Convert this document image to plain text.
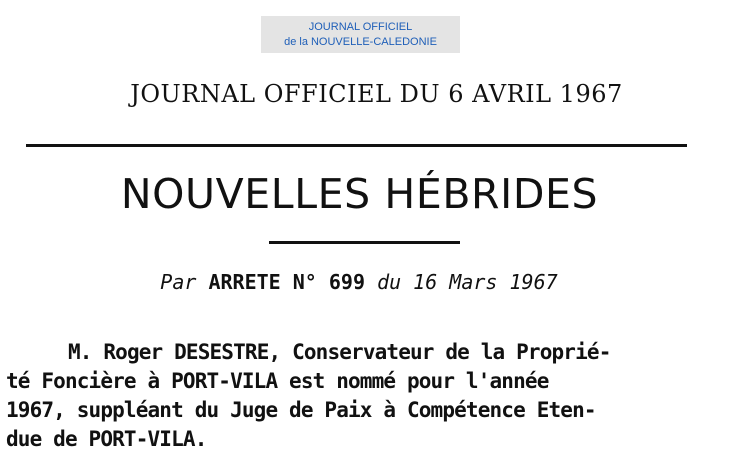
JOURNAL OFFICIEL
de la NOUVELLE-CALEDONIE
JOURNAL OFFICIEL DU 6 AVRIL 1967
NOUVELLES HÉBRIDES
Par ARRETE N° 699 du 16 Mars 1967
M. Roger DESESTRE, Conservateur de la Proprié-
té Foncière à PORT-VILA est nommé pour l'année
1967, suppléant du Juge de Paix à Compétence Eten-
due de PORT-VILA.
